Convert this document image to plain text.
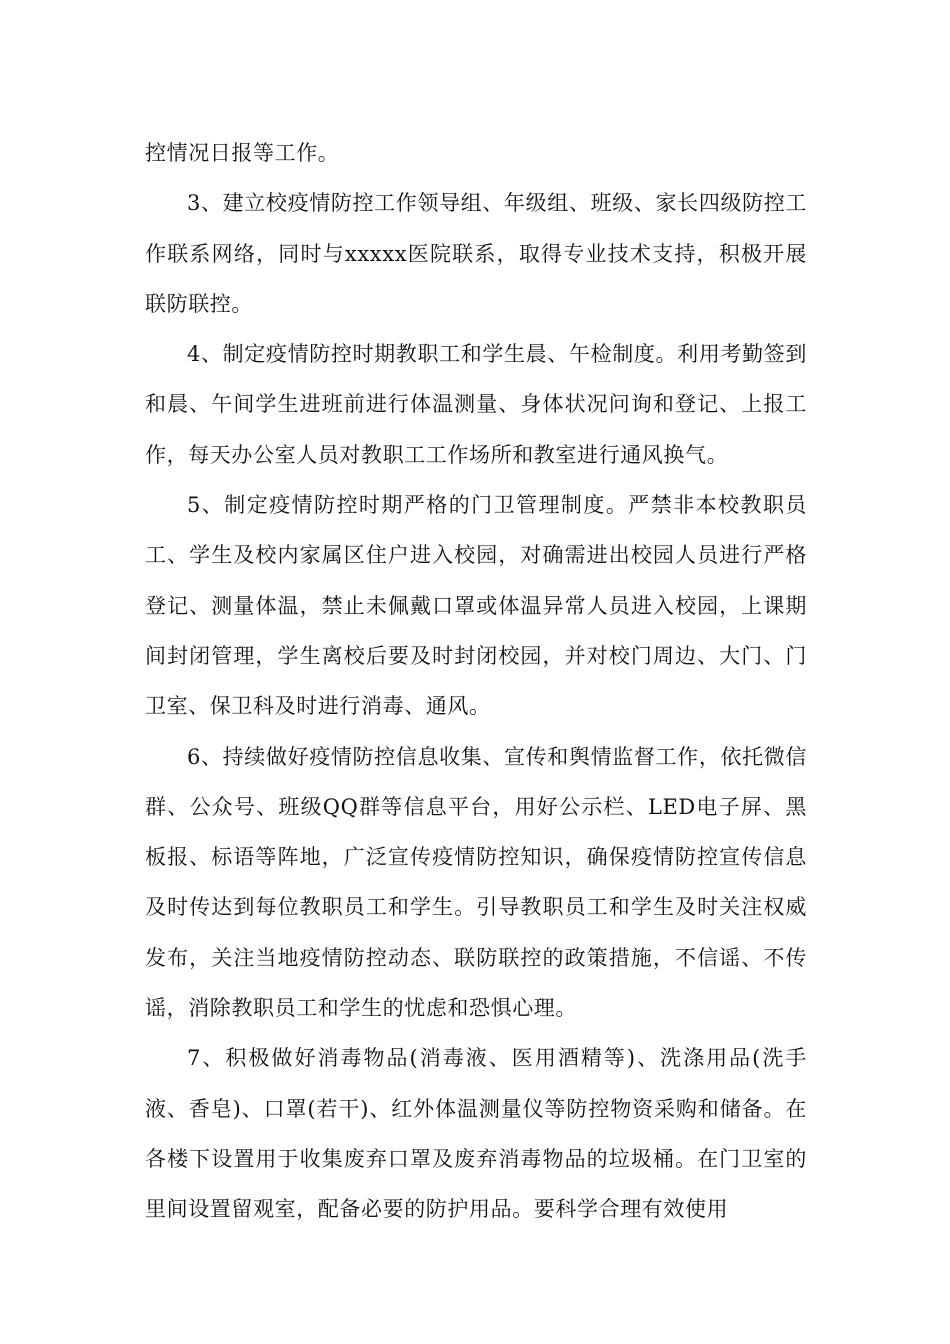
控情况日报等工作。

3、建立校疫情防控工作领导组、年级组、班级、家长四级防控工作联系网络，同时与xxxxx医院联系，取得专业技术支持，积极开展联防联控。

4、制定疫情防控时期教职工和学生晨、午检制度。利用考勤签到和晨、午间学生进班前进行体温测量、身体状况问询和登记、上报工作，每天办公室人员对教职工工作场所和教室进行通风换气。

5、制定疫情防控时期严格的门卫管理制度。严禁非本校教职员工、学生及校内家属区住户进入校园，对确需进出校园人员进行严格登记、测量体温，禁止未佩戴口罩或体温异常人员进入校园，上课期间封闭管理，学生离校后要及时封闭校园，并对校门周边、大门、门卫室、保卫科及时进行消毒、通风。

6、持续做好疫情防控信息收集、宣传和舆情监督工作，依托微信群、公众号、班级QQ群等信息平台，用好公示栏、LED电子屏、黑板报、标语等阵地，广泛宣传疫情防控知识，确保疫情防控宣传信息及时传达到每位教职员工和学生。引导教职员工和学生及时关注权威发布，关注当地疫情防控动态、联防联控的政策措施，不信谣、不传谣，消除教职员工和学生的忧虑和恐惧心理。

7、积极做好消毒物品(消毒液、医用酒精等)、洗涤用品(洗手液、香皂)、口罩(若干)、红外体温测量仪等防控物资采购和储备。在各楼下设置用于收集废弃口罩及废弃消毒物品的垃圾桶。在门卫室的里间设置留观室，配备必要的防护用品。要科学合理有效使用
